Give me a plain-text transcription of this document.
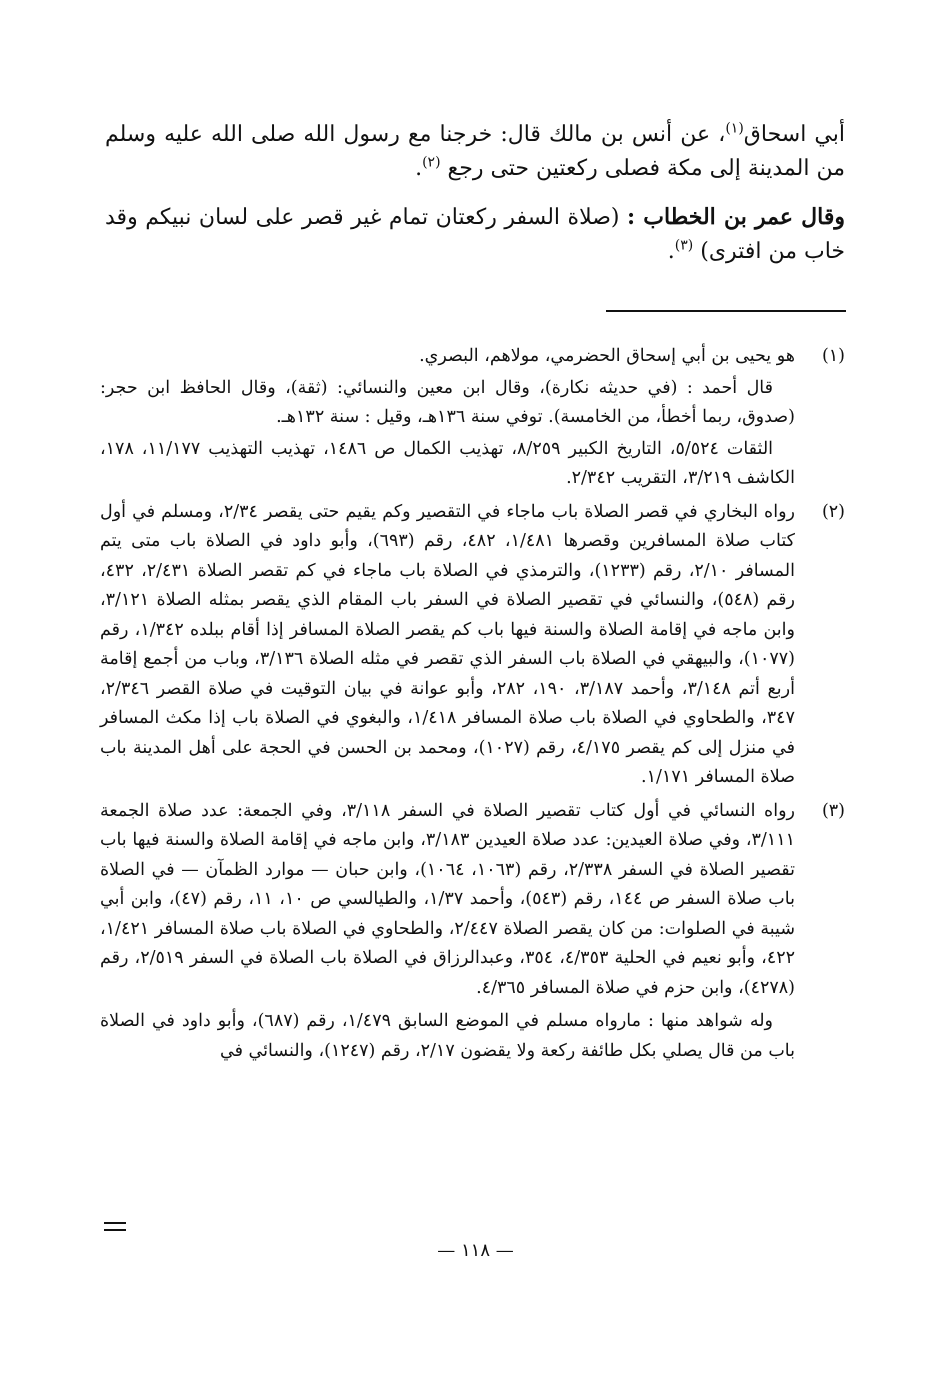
أبي اسحاق$^{(١)}$، عن أنس بن مالك قال: خرجنا مع رسول الله صلى الله عليه وسلم من المدينة إلى مكة فصلى ركعتين حتى رجع $^{(٢)}$.

وقال عمر بن الخطاب : (صلاة السفر ركعتان تمام غير قصر على لسان نبيكم وقد خاب من افترى) $^{(٣)}$.

(١)

هو يحيى بن أبي إسحاق الحضرمي، مولاهم، البصري.

قال أحمد : (في حديثه نكارة)، وقال ابن معين والنسائي: (ثقة)، وقال الحافظ ابن حجر: (صدوق، ربما أخطأ، من الخامسة). توفي سنة ١٣٦هـ، وقيل : سنة ١٣٢هـ.

الثقات ٥/٥٢٤، التاريخ الكبير ٨/٢٥٩، تهذيب الكمال ص ١٤٨٦، تهذيب التهذيب ١١/١٧٧، ١٧٨، الكاشف ٣/٢١٩، التقريب ٢/٣٤٢.

(٢)

رواه البخاري في قصر الصلاة باب ماجاء في التقصير وكم يقيم حتى يقصر ٢/٣٤، ومسلم في أول كتاب صلاة المسافرين وقصرها ١/٤٨١، ٤٨٢، رقم (٦٩٣)، وأبو داود في الصلاة باب متى يتم المسافر ٢/١٠، رقم (١٢٣٣)، والترمذي في الصلاة باب ماجاء في كم تقصر الصلاة ٢/٤٣١، ٤٣٢، رقم (٥٤٨)، والنسائي في تقصير الصلاة في السفر باب المقام الذي يقصر بمثله الصلاة ٣/١٢١، وابن ماجه في إقامة الصلاة والسنة فيها باب كم يقصر الصلاة المسافر إذا أقام ببلده ١/٣٤٢، رقم (١٠٧٧)، والبيهقي في الصلاة باب السفر الذي تقصر في مثله الصلاة ٣/١٣٦، وباب من أجمع إقامة أربع أتم ٣/١٤٨، وأحمد ٣/١٨٧، ١٩٠، ٢٨٢، وأبو عوانة في بيان التوقيت في صلاة القصر ٢/٣٤٦، ٣٤٧، والطحاوي في الصلاة باب صلاة المسافر ١/٤١٨، والبغوي في الصلاة باب إذا مكث المسافر في منزل إلى كم يقصر ٤/١٧٥، رقم (١٠٢٧)، ومحمد بن الحسن في الحجة على أهل المدينة باب صلاة المسافر ١/١٧١.

(٣)

رواه النسائي في أول كتاب تقصير الصلاة في السفر ٣/١١٨، وفي الجمعة: عدد صلاة الجمعة ٣/١١١، وفي صلاة العيدين: عدد صلاة العيدين ٣/١٨٣، وابن ماجه في إقامة الصلاة والسنة فيها باب تقصير الصلاة في السفر ٢/٣٣٨، رقم (١٠٦٣، ١٠٦٤)، وابن حبان — موارد الظمآن — في الصلاة باب صلاة السفر ص ١٤٤، رقم (٥٤٣)، وأحمد ١/٣٧، والطيالسي ص ١٠، ١١، رقم (٤٧)، وابن أبي شيبة في الصلوات: من كان يقصر الصلاة ٢/٤٤٧، والطحاوي في الصلاة باب صلاة المسافر ١/٤٢١، ٤٢٢، وأبو نعيم في الحلية ٤/٣٥٣، ٣٥٤، وعبدالرزاق في الصلاة باب الصلاة في السفر ٢/٥١٩، رقم (٤٢٧٨)، وابن حزم في صلاة المسافر ٤/٣٦٥.

وله شواهد منها : مارواه مسلم في الموضع السابق ١/٤٧٩، رقم (٦٨٧)، وأبو داود في الصلاة باب من قال يصلي بكل طائفة ركعة ولا يقضون ٢/١٧، رقم (١٢٤٧)، والنسائي في

— ١١٨ —
